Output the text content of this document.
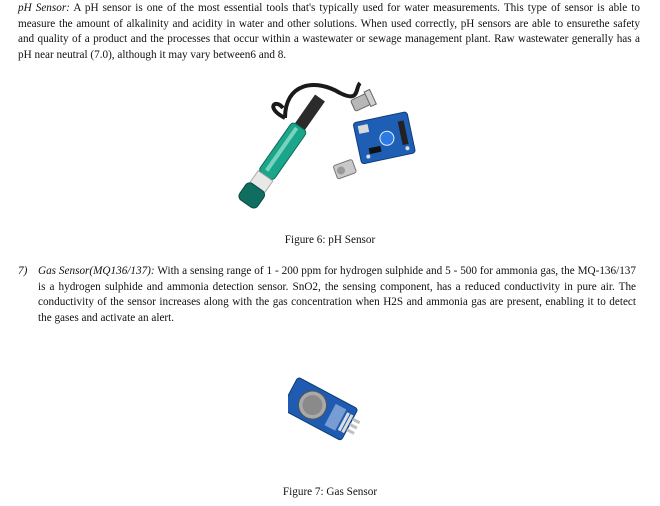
pH Sensor: A pH sensor is one of the most essential tools that's typically used for water measurements. This type of sensor is able to measure the amount of alkalinity and acidity in water and other solutions. When used correctly, pH sensors are able to ensurethe safety and quality of a product and the processes that occur within a wastewater or sewage management plant. Raw wastewater generally has a pH near neutral (7.0), although it may vary between6 and 8.

Figure 6: pH Sensor
7) Gas Sensor(MQ136/137): With a sensing range of 1 - 200 ppm for hydrogen sulphide and 5 - 500 for ammonia gas, the MQ-136/137 is a hydrogen sulphide and ammonia detection sensor. SnO2, the sensing component, has a reduced conductivity in pure air. The conductivity of the sensor increases along with the gas concentration when H2S and ammonia gas are present, enabling it to detect the gases and activate an alert.

Figure 7: Gas Sensor
